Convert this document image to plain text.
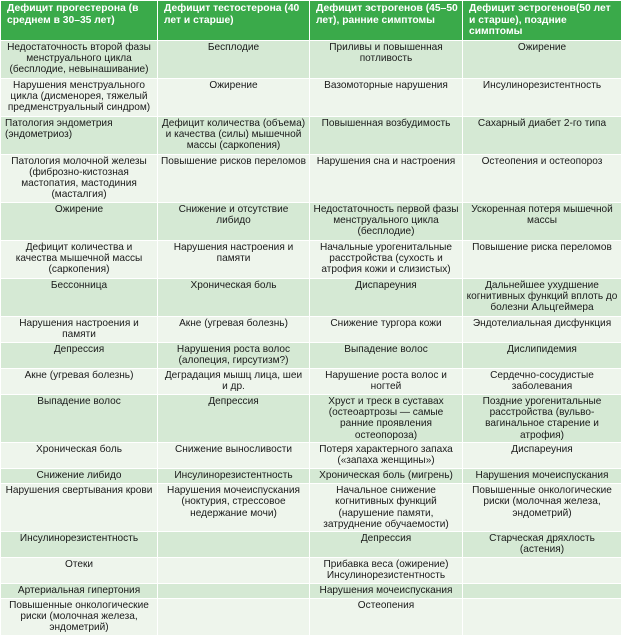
Дефицит прогестерона (в среднем в 30–35 лет)	Дефицит тестостерона (40 лет и старше)	Дефицит эстрогенов (45–50 лет), ранние симптомы	Дефицит эстрогенов(50 лет и старше), поздние симптомы
Недостаточность второй фазы менструального цикла (бесплодие, невынашивание)	Бесплодие	Приливы и повышенная потливость	Ожирение
Нарушения менструального цикла (дисменорея, тяжелый предменструальный синдром)	Ожирение	Вазомоторные нарушения	Инсулинорезистентность
Патология эндометрия (эндометриоз)	Дефицит количества (объема) и качества (силы) мышечной массы (саркопения)	Повышенная возбудимость	Сахарный диабет 2-го типа
Патология молочной железы (фиброзно-кистозная мастопатия, мастодиния (масталгия)	Повышение рисков переломов	Нарушения сна и настроения	Остеопения и остеопороз
Ожирение	Снижение и отсутствие либидо	Недостаточность первой фазы менструального цикла (бесплодие)	Ускоренная потеря мышечной массы
Дефицит количества и качества мышечной массы (саркопения)	Нарушения настроения и памяти	Начальные урогенитальные расстройства (сухость и атрофия кожи и слизистых)	Повышение риска переломов
Бессонница	Хроническая боль	Диспареуния	Дальнейшее ухудшение когнитивных функций вплоть до болезни Альцгеймера
Нарушения настроения и памяти	Акне (угревая болезнь)	Снижение тургора кожи	Эндотелиальная дисфункция
Депрессия	Нарушения роста волос (алопеция, гирсутизм?)	Выпадение волос	Дислипидемия
Акне (угревая болезнь)	Деградация мышц лица, шеи и др.	Нарушение роста волос и ногтей	Сердечно-сосудистые заболевания
Выпадение волос	Депрессия	Хруст и треск в суставах (остеоартрозы — самые ранние проявления остеопороза)	Поздние урогенитальные расстройства (вульво-вагинальное старение и атрофия)
Хроническая боль	Снижение выносливости	Потеря характерного запаха («запаха женщины»)	Диспареуния
Снижение либидо	Инсулинорезистентность	Хроническая боль (мигрень)	Нарушения мочеиспускания
Нарушения свертывания крови	Нарушения мочеиспускания (ноктурия, стрессовое недержание мочи)	Начальное снижение когнитивных функций (нарушение памяти, затруднение обучаемости)	Повышенные онкологические риски (молочная железа, эндометрий)
Инсулинорезистентность		Депрессия	Старческая дряхлость (астения)
Отеки		Прибавка веса (ожирение) Инсулинорезистентность	
Артериальная гипертония		Нарушения мочеиспускания	
Повышенные онкологические риски (молочная железа, эндометрий)		Остеопения	
